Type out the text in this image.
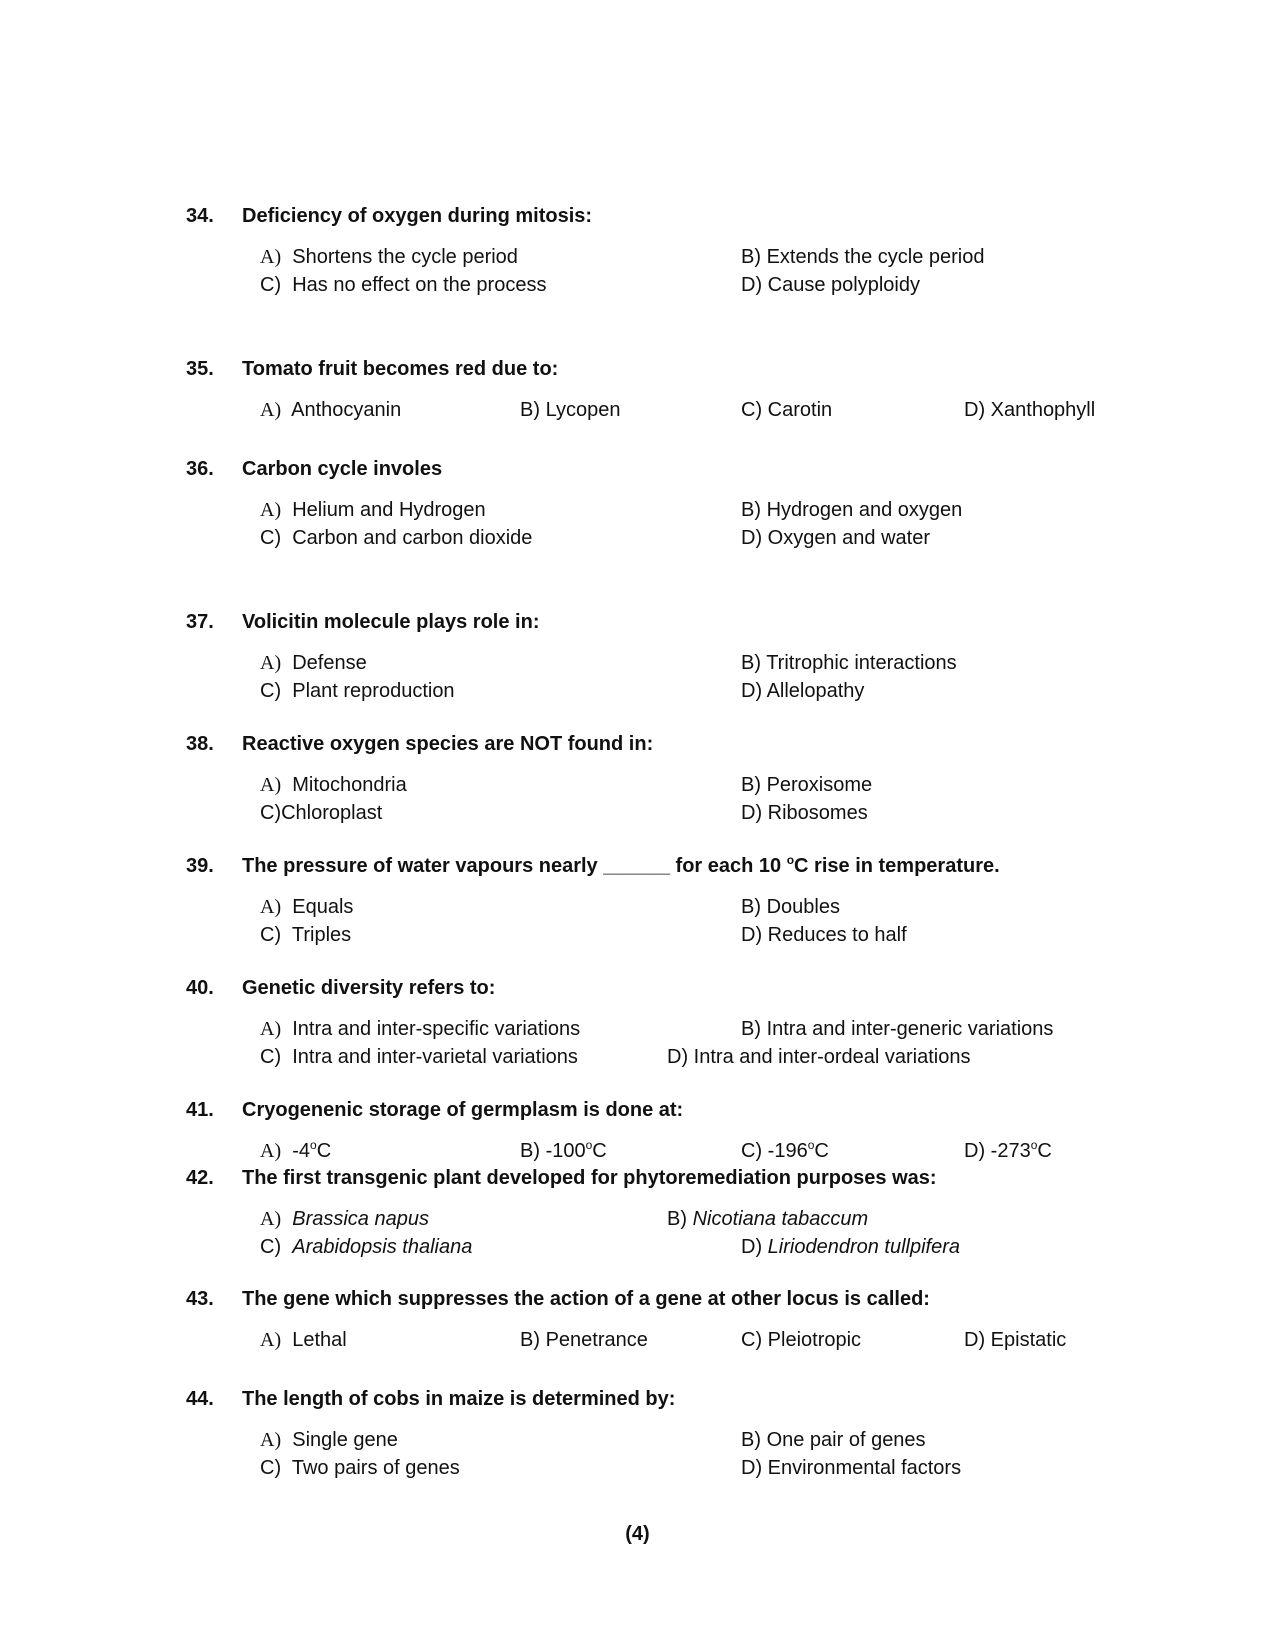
34. Deficiency of oxygen during mitosis:
A) Shortens the cycle period	B) Extends the cycle period
C) Has no effect on the process	D) Cause polyploidy
35. Tomato fruit becomes red due to:
A) Anthocyanin	B) Lycopen	C) Carotin	D) Xanthophyll
36. Carbon cycle involes
A) Helium and Hydrogen	B) Hydrogen and oxygen
C) Carbon and carbon dioxide	D) Oxygen and water
37. Volicitin molecule plays role in:
A) Defense	B) Tritrophic interactions
C) Plant reproduction	D) Allelopathy
38. Reactive oxygen species are NOT found in:
A) Mitochondria	B) Peroxisome
C)Chloroplast	D) Ribosomes
39. The pressure of water vapours nearly ______ for each 10 $^o$C rise in temperature.
A) Equals	B) Doubles
C) Triples	D) Reduces to half
40. Genetic diversity refers to:
A) Intra and inter-specific variations	B) Intra and inter-generic variations
C) Intra and inter-varietal variations	D) Intra and inter-ordeal variations
41. Cryogenenic storage of germplasm is done at:
A) -4$^o$C	B) -100$^o$C	C) -196$^o$C	D) -273$^o$C
42. The first transgenic plant developed for phytoremediation purposes was:
A) Brassica napus	B) Nicotiana tabaccum
C) Arabidopsis thaliana	D) Liriodendron tullpifera
43. The gene which suppresses the action of a gene at other locus is called:
A) Lethal	B) Penetrance	C) Pleiotropic	D) Epistatic
44. The length of cobs in maize is determined by:
A) Single gene	B) One pair of genes
C) Two pairs of genes	D) Environmental factors
(4)
